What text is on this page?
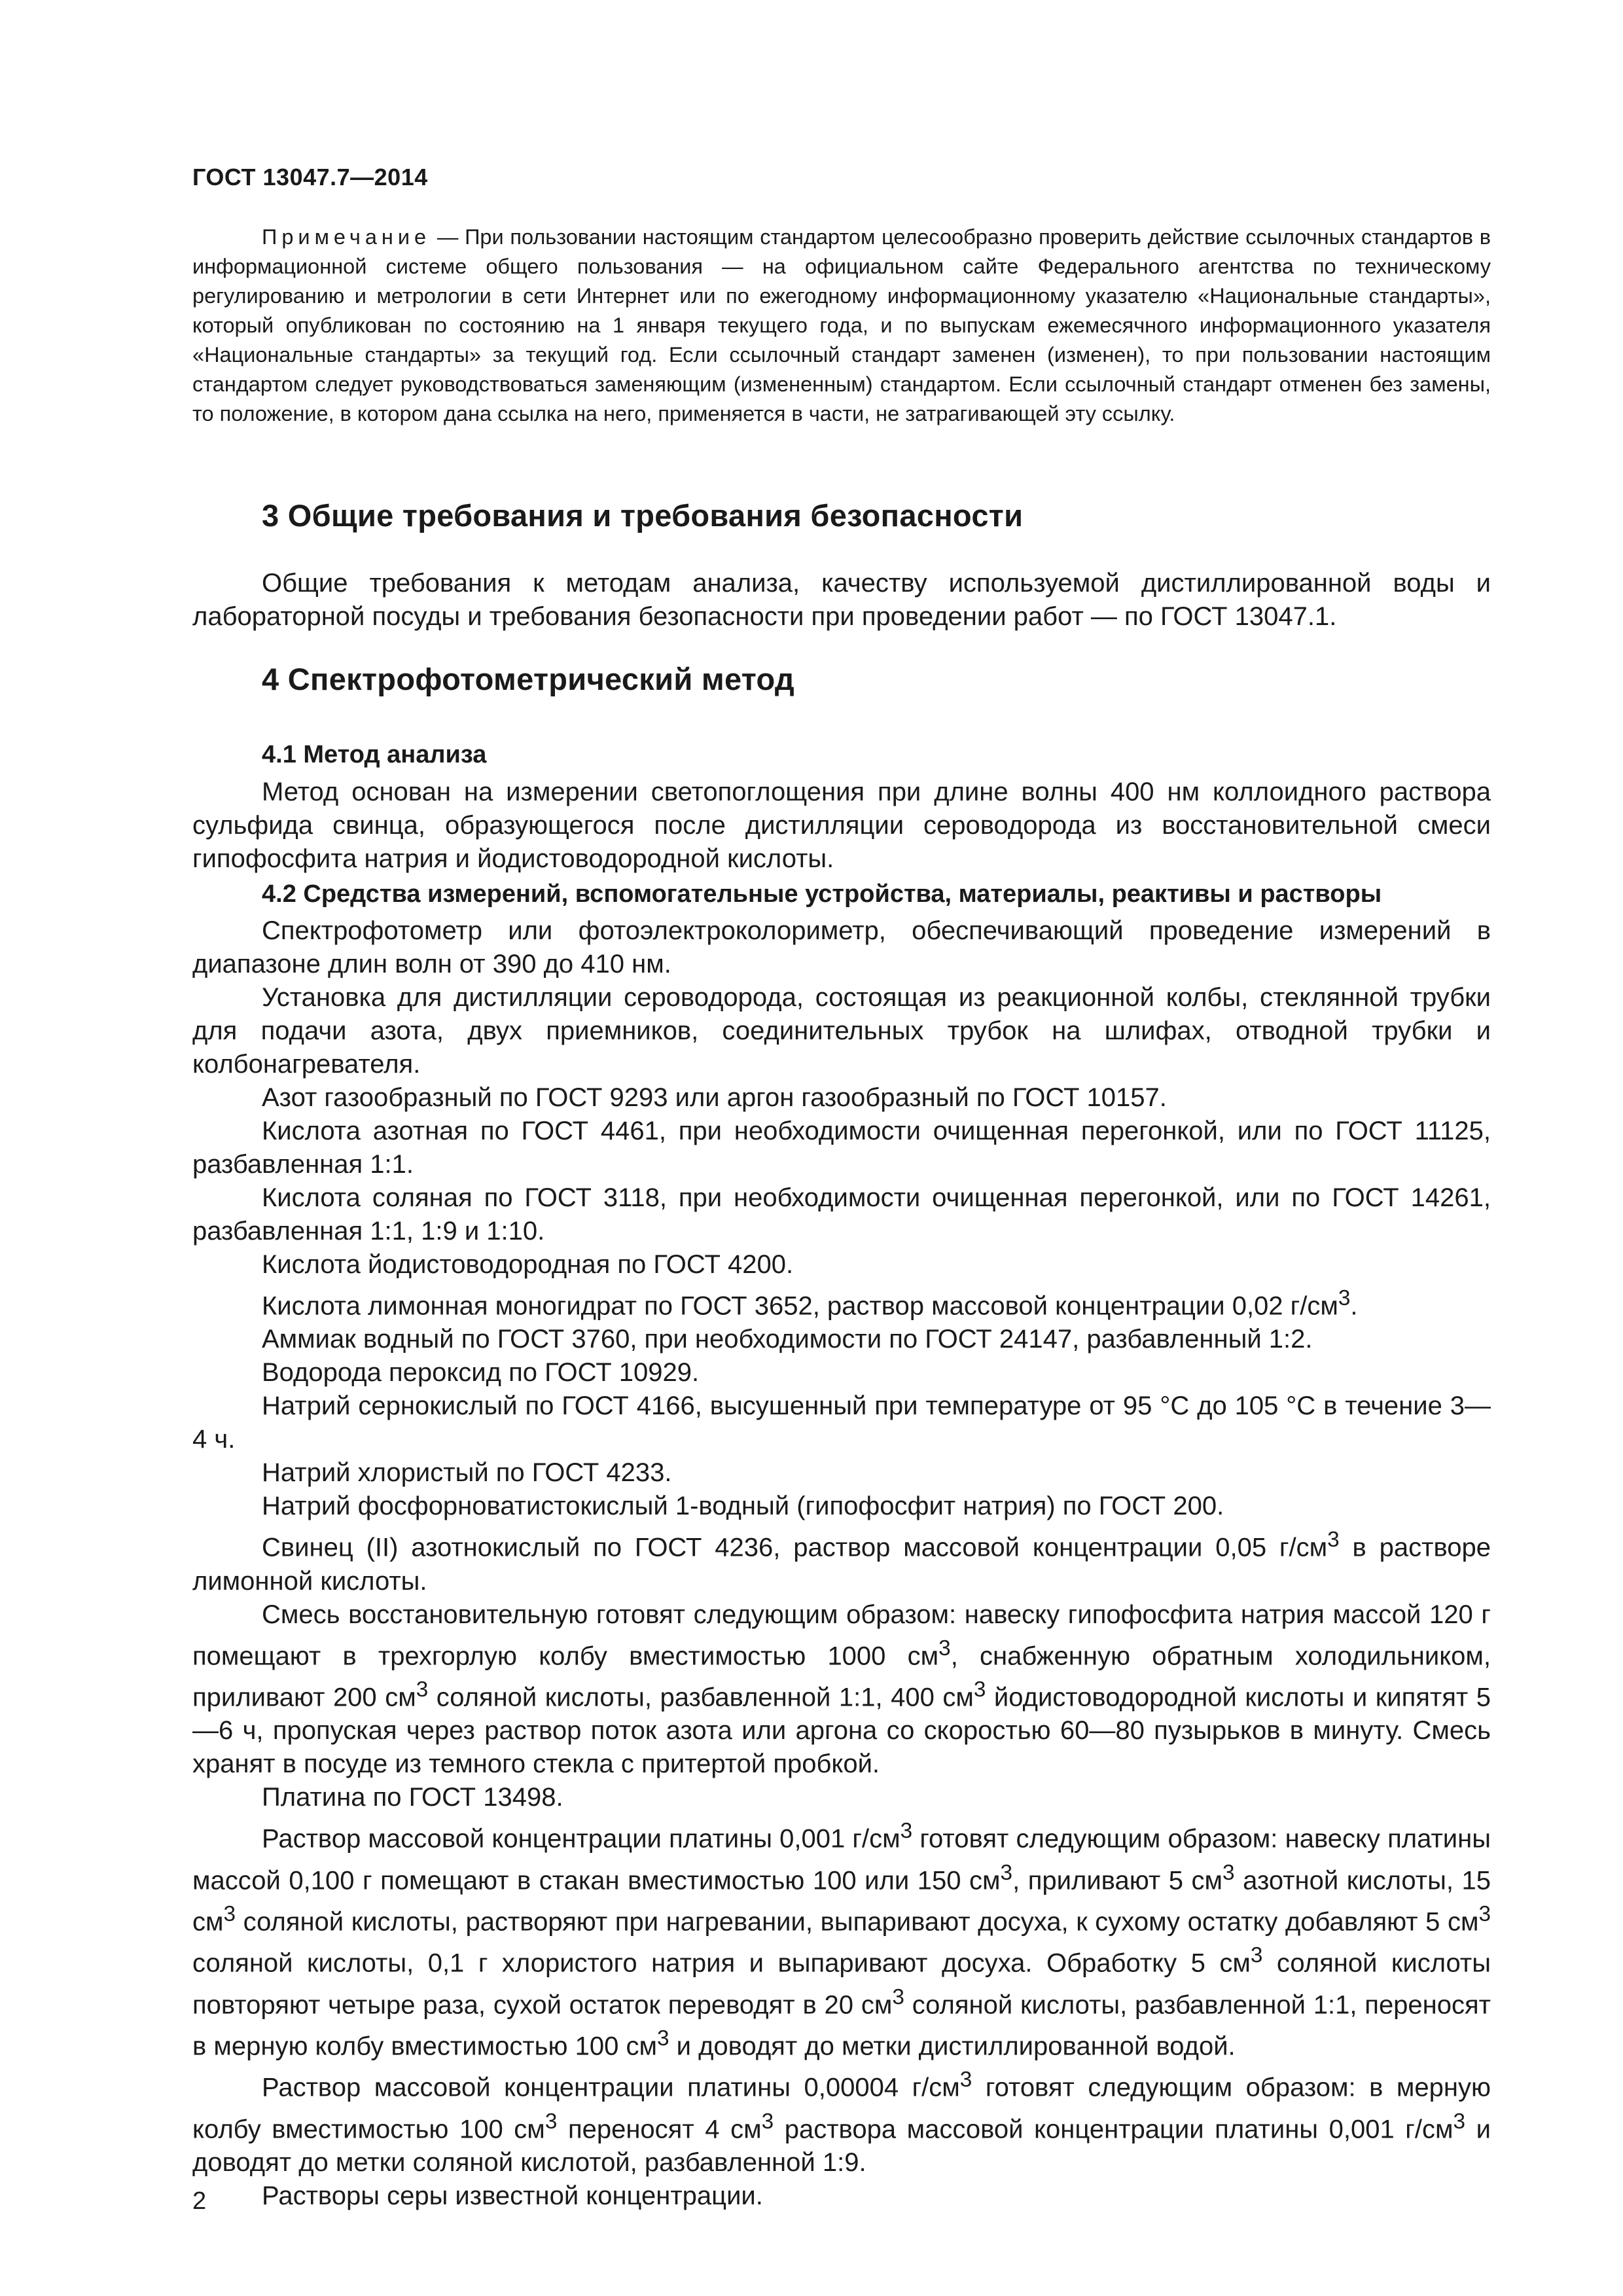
ГОСТ 13047.7—2014
Примечание — При пользовании настоящим стандартом целесообразно проверить действие ссылочных стандартов в информационной системе общего пользования — на официальном сайте Федерального агентства по техническому регулированию и метрологии в сети Интернет или по ежегодному информационному указателю «Национальные стандарты», который опубликован по состоянию на 1 января текущего года, и по выпускам ежемесячного информационного указателя «Национальные стандарты» за текущий год. Если ссылочный стандарт заменен (изменен), то при пользовании настоящим стандартом следует руководствоваться заменяющим (измененным) стандартом. Если ссылочный стандарт отменен без замены, то положение, в котором дана ссылка на него, применяется в части, не затрагивающей эту ссылку.
3 Общие требования и требования безопасности

Общие требования к методам анализа, качеству используемой дистиллированной воды и лабораторной посуды и требования безопасности при проведении работ — по ГОСТ 13047.1.

4 Спектрофотометрический метод
4.1 Метод анализа

Метод основан на измерении светопоглощения при длине волны 400 нм коллоидного раствора сульфида свинца, образующегося после дистилляции сероводорода из восстановительной смеси гипофосфита натрия и йодистоводородной кислоты.

4.2 Средства измерений, вспомогательные устройства, материалы, реактивы и растворы

Спектрофотометр или фотоэлектроколориметр, обеспечивающий проведение измерений в диапазоне длин волн от 390 до 410 нм.

Установка для дистилляции сероводорода, состоящая из реакционной колбы, стеклянной трубки для подачи азота, двух приемников, соединительных трубок на шлифах, отводной трубки и колбонагревателя.

Азот газообразный по ГОСТ 9293 или аргон газообразный по ГОСТ 10157.

Кислота азотная по ГОСТ 4461, при необходимости очищенная перегонкой, или по ГОСТ 11125, разбавленная 1:1.

Кислота соляная по ГОСТ 3118, при необходимости очищенная перегонкой, или по ГОСТ 14261, разбавленная 1:1, 1:9 и 1:10.

Кислота йодистоводородная по ГОСТ 4200.

Кислота лимонная моногидрат по ГОСТ 3652, раствор массовой концентрации 0,02 $г/см^3$.

Аммиак водный по ГОСТ 3760, при необходимости по ГОСТ 24147, разбавленный 1:2.

Водорода пероксид по ГОСТ 10929.

Натрий сернокислый по ГОСТ 4166, высушенный при температуре от 95 °С до 105 °С в течение 3—4 ч.

Натрий хлористый по ГОСТ 4233.

Натрий фосфорноватистокислый 1-водный (гипофосфит натрия) по ГОСТ 200.

Свинец (II) азотнокислый по ГОСТ 4236, раствор массовой концентрации 0,05 $г/см^3$ в растворе лимонной кислоты.

Смесь восстановительную готовят следующим образом: навеску гипофосфита натрия массой 120 г помещают в трехгорлую колбу вместимостью 1000 $см^3$, снабженную обратным холодильником, приливают 200 $см^3$ соляной кислоты, разбавленной 1:1, 400 $см^3$ йодистоводородной кислоты и кипятят 5—6 ч, пропуская через раствор поток азота или аргона со скоростью 60—80 пузырьков в минуту. Смесь хранят в посуде из темного стекла с притертой пробкой.

Платина по ГОСТ 13498.

Раствор массовой концентрации платины 0,001 $г/см^3$ готовят следующим образом: навеску платины массой 0,100 г помещают в стакан вместимостью 100 или 150 $см^3$, приливают 5 $см^3$ азотной кислоты, 15 $см^3$ соляной кислоты, растворяют при нагревании, выпаривают досуха, к сухому остатку добавляют 5 $см^3$ соляной кислоты, 0,1 г хлористого натрия и выпаривают досуха. Обработку 5 $см^3$ соляной кислоты повторяют четыре раза, сухой остаток переводят в 20 $см^3$ соляной кислоты, разбавленной 1:1, переносят в мерную колбу вместимостью 100 $см^3$ и доводят до метки дистиллированной водой.

Раствор массовой концентрации платины 0,00004 $г/см^3$ готовят следующим образом: в мерную колбу вместимостью 100 $см^3$ переносят 4 $см^3$ раствора массовой концентрации платины 0,001 $г/см^3$ и доводят до метки соляной кислотой, разбавленной 1:9.

Растворы серы известной концентрации.

2
